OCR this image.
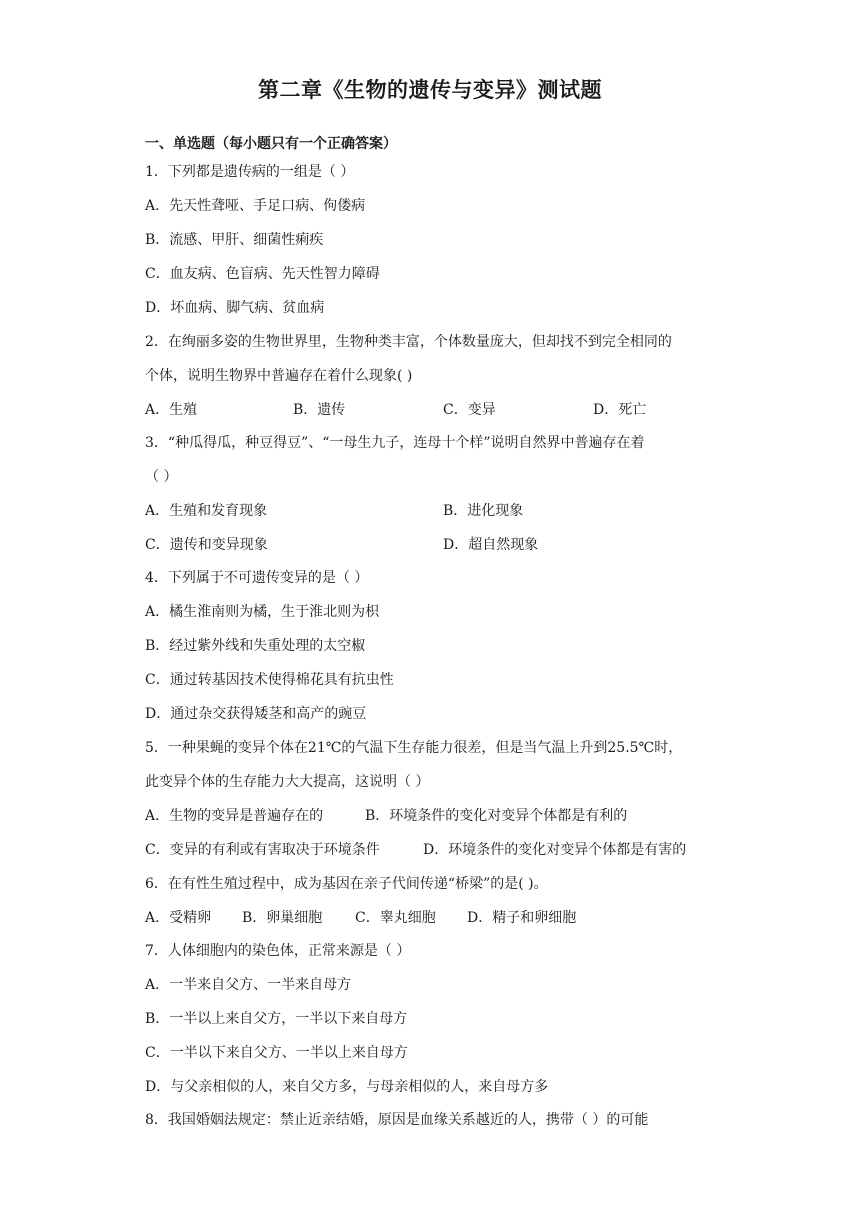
第二章《生物的遗传与变异》测试题
一、单选题（每小题只有一个正确答案）
1．下列都是遗传病的一组是（ ）
A．先天性聋哑、手足口病、佝偻病
B．流感、甲肝、细菌性痢疾
C．血友病、色盲病、先天性智力障碍
D．坏血病、脚气病、贫血病
2．在绚丽多姿的生物世界里，生物种类丰富，个体数量庞大，但却找不到完全相同的
个体，说明生物界中普遍存在着什么现象( )
A．生殖	B．遗传	C．变异	D．死亡
3．“种瓜得瓜，种豆得豆”、“一母生九子，连母十个样”说明自然界中普遍存在着
（ ）
A．生殖和发育现象	B．进化现象
C．遗传和变异现象	D．超自然现象
4．下列属于不可遗传变异的是（ ）
A．橘生淮南则为橘，生于淮北则为枳
B．经过紫外线和失重处理的太空椒
C．通过转基因技术使得棉花具有抗虫性
D．通过杂交获得矮茎和高产的豌豆
5．一种果蝇的变异个体在21℃的气温下生存能力很差，但是当气温上升到25.5℃时，
此变异个体的生存能力大大提高，这说明（ ）
A．生物的变异是普遍存在的	B．环境条件的变化对变异个体都是有利的
C．变异的有利或有害取决于环境条件	D．环境条件的变化对变异个体都是有害的
6．在有性生殖过程中，成为基因在亲子代间传递“桥梁”的是( )。
A．受精卵 B．卵巢细胞 C．睾丸细胞 D．精子和卵细胞
7．人体细胞内的染色体，正常来源是（ ）
A．一半来自父方、一半来自母方
B．一半以上来自父方，一半以下来自母方
C．一半以下来自父方、一半以上来自母方
D．与父亲相似的人，来自父方多，与母亲相似的人，来自母方多
8．我国婚姻法规定：禁止近亲结婚，原因是血缘关系越近的人，携带（ ）的可能
